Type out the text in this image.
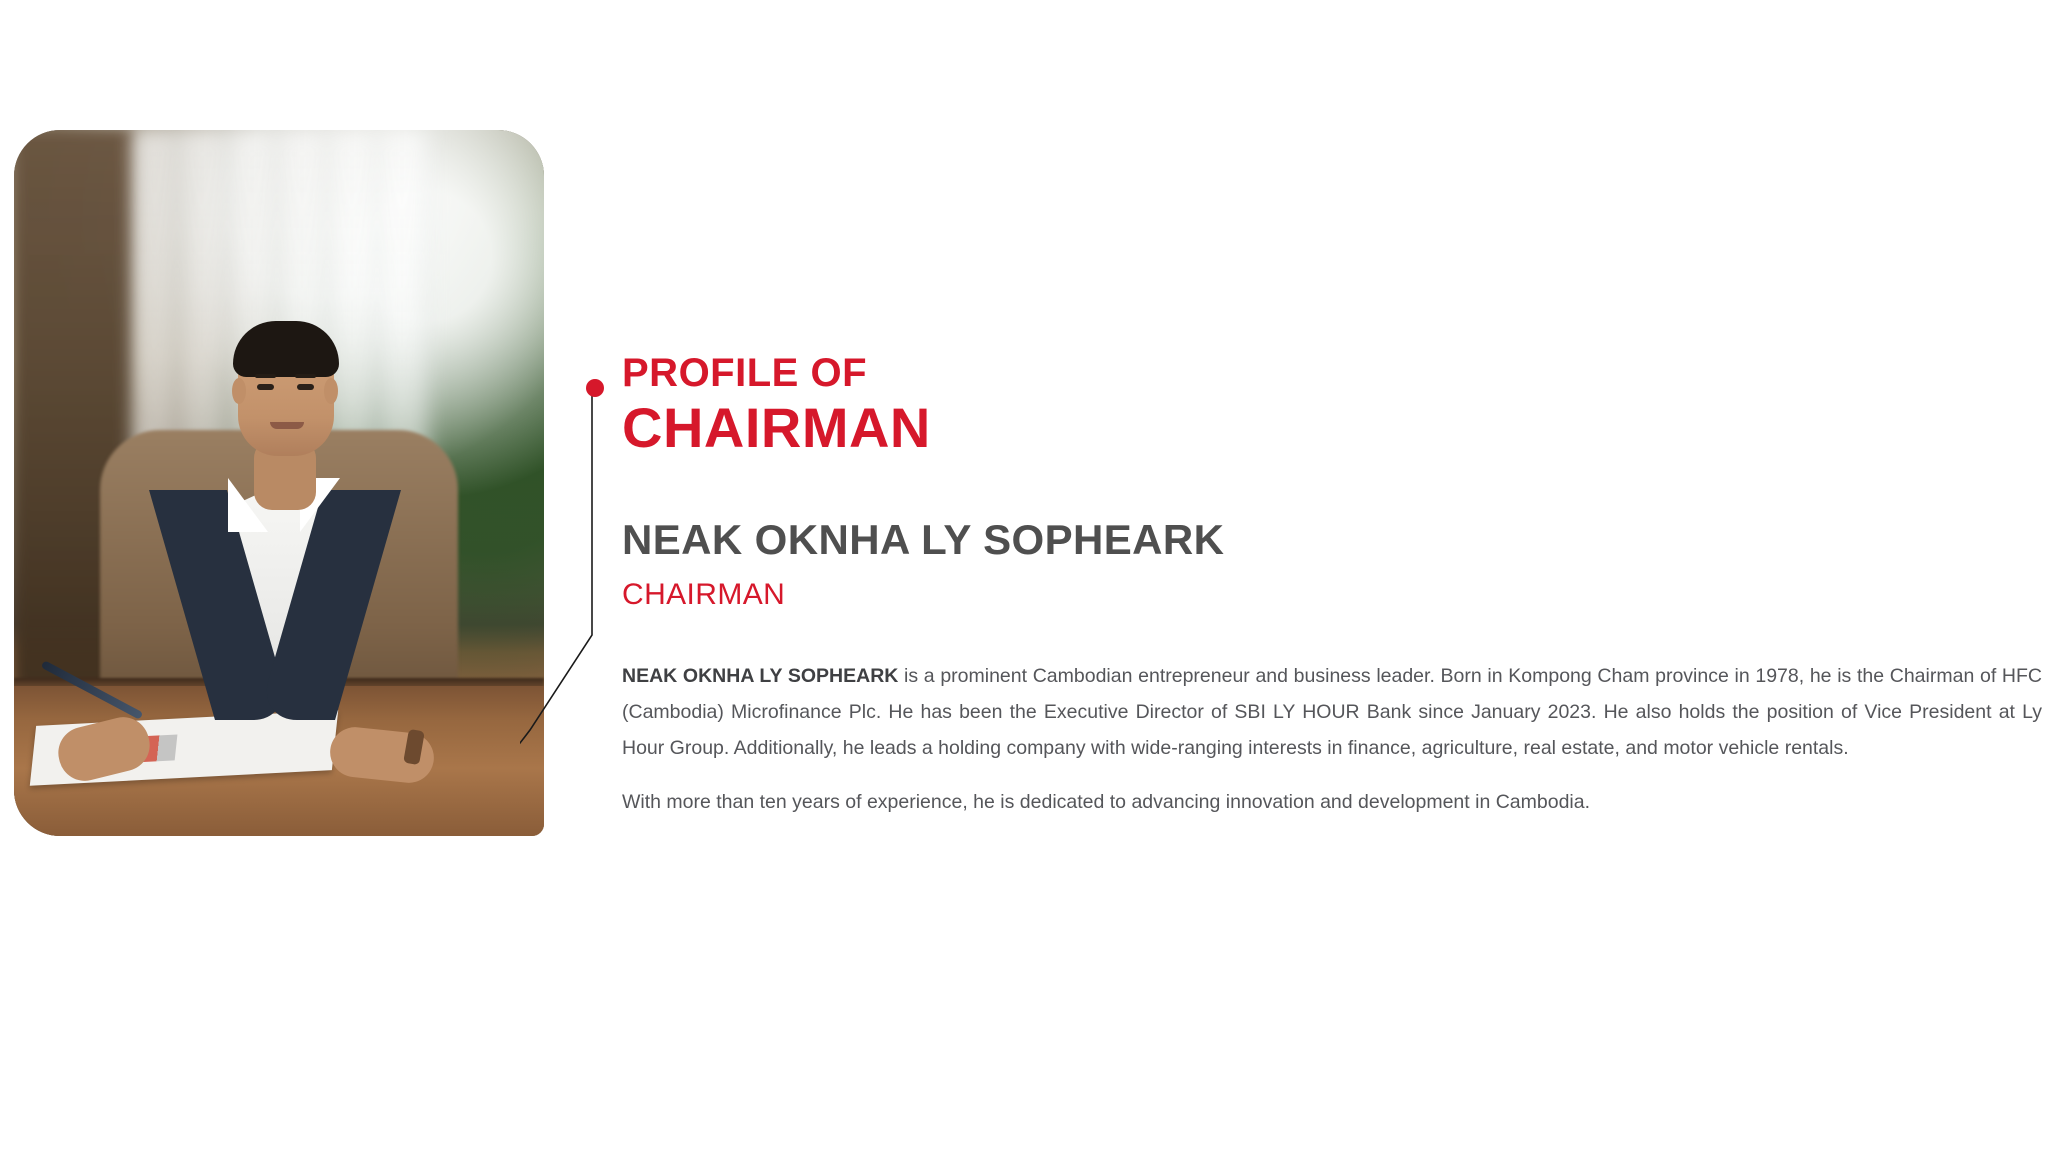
PROFILE OF

CHAIRMAN
NEAK OKNHA LY SOPHEARK

CHAIRMAN

NEAK OKNHA LY SOPHEARK is a prominent Cambodian entrepreneur and business leader. Born in Kompong Cham province in 1978, he is the Chairman of HFC (Cambodia) Microfinance Plc. He has been the Executive Director of SBI LY HOUR Bank since January 2023. He also holds the position of Vice President at Ly Hour Group. Additionally, he leads a holding company with wide-ranging interests in finance, agriculture, real estate, and motor vehicle rentals.

With more than ten years of experience, he is dedicated to advancing innovation and development in Cambodia.
